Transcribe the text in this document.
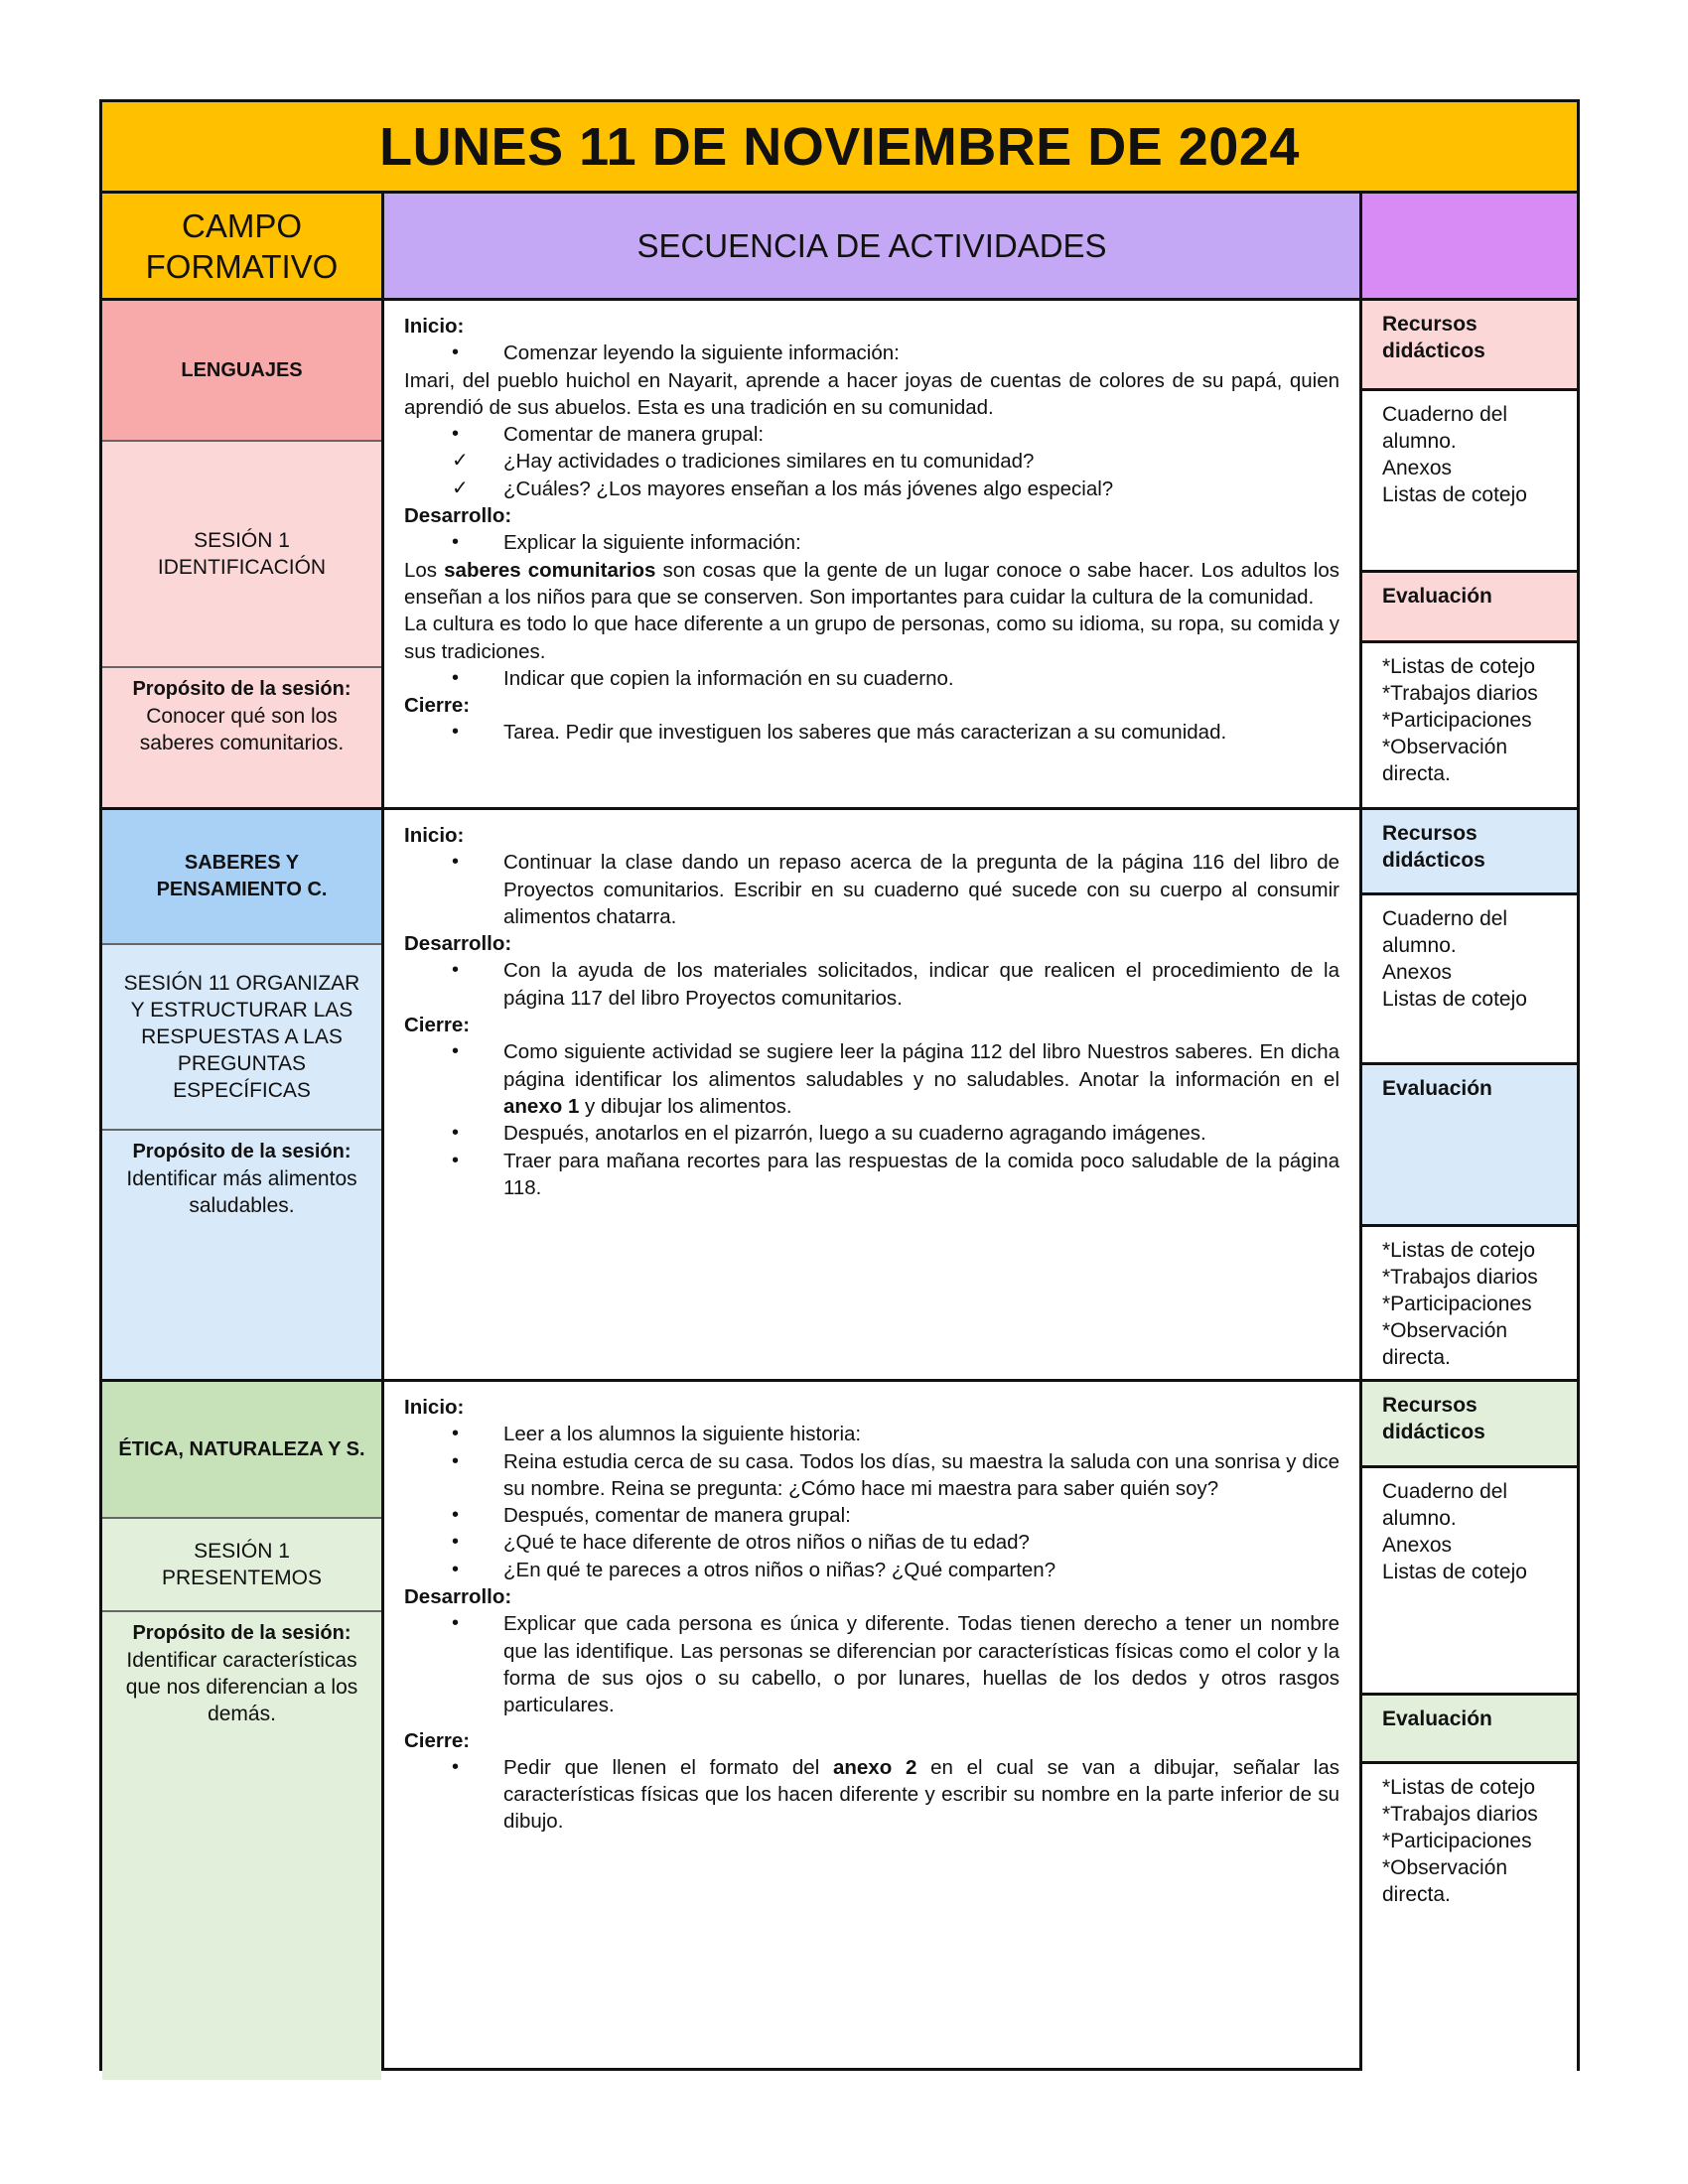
LUNES 11 DE NOVIEMBRE DE 2024
CAMPO FORMATIVO
SECUENCIA DE ACTIVIDADES
LENGUAJES
SESIÓN 1 IDENTIFICACIÓN
Propósito de la sesión:
Conocer qué son los saberes comunitarios.
Inicio:
• Comenzar leyendo la siguiente información:
Imari, del pueblo huichol en Nayarit, aprende a hacer joyas de cuentas de colores de su papá, quien aprendió de sus abuelos. Esta es una tradición en su comunidad.
• Comentar de manera grupal:
✓ ¿Hay actividades o tradiciones similares en tu comunidad?
✓ ¿Cuáles? ¿Los mayores enseñan a los más jóvenes algo especial?
Desarrollo:
• Explicar la siguiente información:
Los saberes comunitarios son cosas que la gente de un lugar conoce o sabe hacer. Los adultos los enseñan a los niños para que se conserven. Son importantes para cuidar la cultura de la comunidad.
La cultura es todo lo que hace diferente a un grupo de personas, como su idioma, su ropa, su comida y sus tradiciones.
• Indicar que copien la información en su cuaderno.
Cierre:
• Tarea. Pedir que investiguen los saberes que más caracterizan a su comunidad.
Recursos didácticos
Cuaderno del alumno.
Anexos
Listas de cotejo
Evaluación
*Listas de cotejo
*Trabajos diarios
*Participaciones
*Observación directa.
SABERES Y PENSAMIENTO C.
SESIÓN 11 ORGANIZAR Y ESTRUCTURAR LAS RESPUESTAS A LAS PREGUNTAS ESPECÍFICAS
Propósito de la sesión:
Identificar más alimentos saludables.
Inicio:
• Continuar la clase dando un repaso acerca de la pregunta de la página 116 del libro de Proyectos comunitarios. Escribir en su cuaderno qué sucede con su cuerpo al consumir alimentos chatarra.
Desarrollo:
• Con la ayuda de los materiales solicitados, indicar que realicen el procedimiento de la página 117 del libro Proyectos comunitarios.
Cierre:
• Como siguiente actividad se sugiere leer la página 112 del libro Nuestros saberes. En dicha página identificar los alimentos saludables y no saludables. Anotar la información en el anexo 1 y dibujar los alimentos.
• Después, anotarlos en el pizarrón, luego a su cuaderno agragando imágenes.
• Traer para mañana recortes para las respuestas de la comida poco saludable de la página 118.
Recursos didácticos
Cuaderno del alumno.
Anexos
Listas de cotejo
Evaluación
*Listas de cotejo
*Trabajos diarios
*Participaciones
*Observación directa.
ÉTICA, NATURALEZA Y S.
SESIÓN 1 PRESENTEMOS
Propósito de la sesión:
Identificar características que nos diferencian a los demás.
Inicio:
• Leer a los alumnos la siguiente historia:
• Reina estudia cerca de su casa. Todos los días, su maestra la saluda con una sonrisa y dice su nombre. Reina se pregunta: ¿Cómo hace mi maestra para saber quién soy?
• Después, comentar de manera grupal:
• ¿Qué te hace diferente de otros niños o niñas de tu edad?
• ¿En qué te pareces a otros niños o niñas? ¿Qué comparten?
Desarrollo:
• Explicar que cada persona es única y diferente. Todas tienen derecho a tener un nombre que las identifique. Las personas se diferencian por características físicas como el color y la forma de sus ojos o su cabello, o por lunares, huellas de los dedos y otros rasgos particulares.
Cierre:
• Pedir que llenen el formato del anexo 2 en el cual se van a dibujar, señalar las características físicas que los hacen diferente y escribir su nombre en la parte inferior de su dibujo.
Recursos didácticos
Cuaderno del alumno.
Anexos
Listas de cotejo
Evaluación
*Listas de cotejo
*Trabajos diarios
*Participaciones
*Observación directa.
